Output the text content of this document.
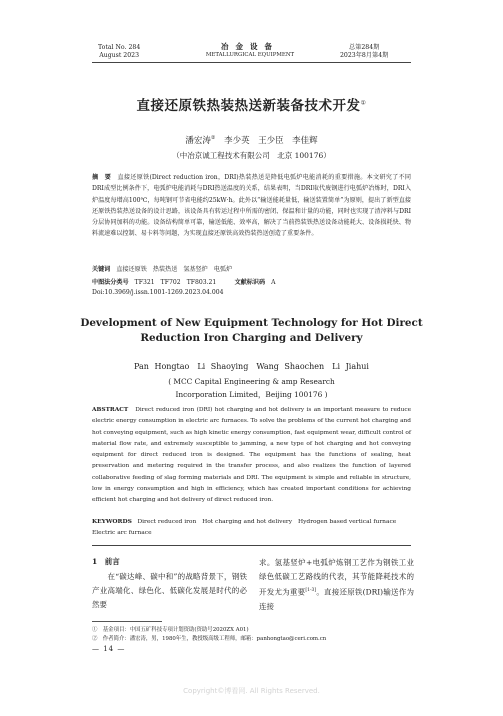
Total No. 284
August 2023
冶金设备
METALLURGICAL EQUIPMENT
总第284期
2023年8月第4期
直接还原铁热装热送新装备技术开发①
潘宏涛② 李少英　王少臣　李佳辉
（中冶京诚工程技术有限公司　北京 100176）
摘　要　 直接还原铁(Direct reduction iron，DRI)热装热送是降低电弧炉电能消耗的重要措施。本文研究了不同DRI成型比例条件下，电弧炉电能消耗与DRI热送温度的关系，结果表明，当DRI取代废钢进行电弧炉冶炼时，DRI入炉温度每增高100℃，每吨钢可节省电能约25kW·h。此外以“输送能耗量低，输送装置简单”为原则，提出了新型直接还原铁热装热送设备的设计思路，该设备具有转运过程中所需的密闭、保温和计量的功能，同时也实现了渣滓料与DRI分层协同加料的功能。设备结构简单可靠，输送低能、效率高，解决了当前热装铁热送设备动能耗大、设备损耗快、物料流速难以控制、易卡料等问题，为实现直接还原铁高效热装热送创造了重要条件。
关键词　 直接还原铁　热装热送　氢基竖炉　电弧炉
中图法分类号　 TF321　TF702　TF803.21　　　	文献标识码　 A
Doi:10.3969/j.issn.1001-1269.2023.04.004
Development of New Equipment Technology for Hot Direct
Reduction Iron Charging and Delivery
Pan Hongtao　Li Shaoying　Wang Shaochen　Li Jiahui
( MCC Capital Engineering & amp Research
Incorporation Limited，Beijing 100176 )
ABSTRACT Direct reduced iron (DRI) hot charging and hot delivery is an important measure to reduce electric energy consumption in electric arc furnaces. To solve the problems of the current hot charging and hot conveying equipment, such as high kinetic energy consumption, fast equipment wear, difficult control of material flow rate, and extremely susceptible to jamming, a new type of hot charging and hot conveying equipment for direct reduced iron is designed. The equipment has the functions of sealing, heat preservation and metering required in the transfer process, and also realizes the function of layered collaborative feeding of slag forming materials and DRI. The equipment is simple and reliable in structure, low in energy consumption and high in efficiency, which has created important conditions for achieving efficient hot charging and hot delivery of direct reduced iron.
KEYWORDS Direct reduced iron　Hot charging and hot delivery　Hydrogen based vertical furnace　Electric arc furnace
1　前言
　　在“碳达峰、碳中和”的战略背景下，钢铁产业高端化、绿色化、低碳化发展是时代的必然要
求。氢基竖炉+电弧炉炼钢工艺作为钢铁工业绿色低碳工艺路线的代表，其节能降耗技术的开发尤为重要[1-3]。直接还原铁(DRI)输送作为连接
①　基金项目：中国五矿科技专项计划资助(资助号2020ZX A01)
②　作者简介：潘宏涛，男，1980年生，教授级高级工程师，邮箱：panhongtao@ceri.com.cn
— 14 —
Copyright©博看网. All Rights Reserved.
